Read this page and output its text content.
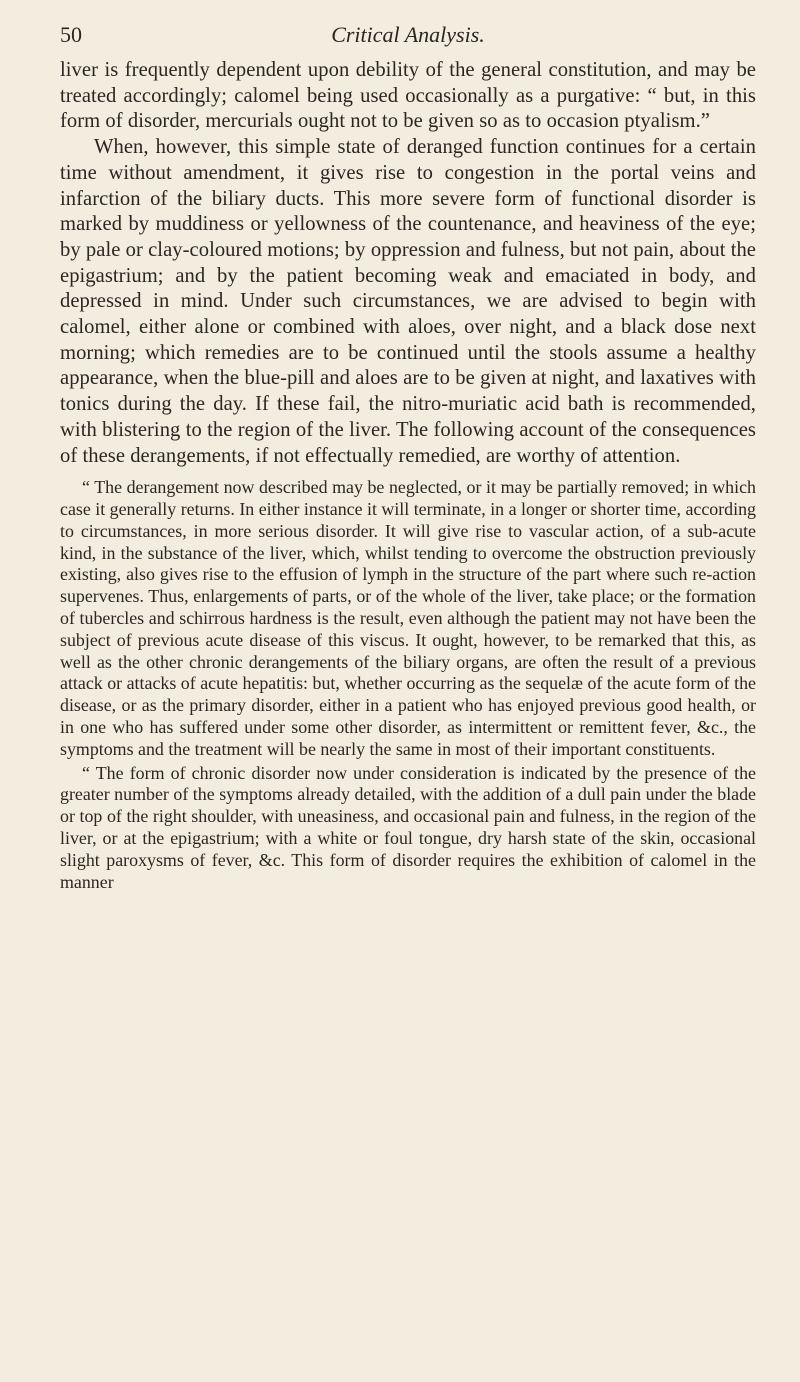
50	Critical Analysis.

liver is frequently dependent upon debility of the general constitution, and may be treated accordingly; calomel being used occasionally as a purgative: “ but, in this form of disorder, mercurials ought not to be given so as to occasion ptyalism.”

When, however, this simple state of deranged function continues for a certain time without amendment, it gives rise to congestion in the portal veins and infarction of the biliary ducts. This more severe form of functional disorder is marked by muddiness or yellowness of the countenance, and heaviness of the eye; by pale or clay-coloured motions; by oppression and fulness, but not pain, about the epigastrium; and by the patient becoming weak and emaciated in body, and depressed in mind. Under such circumstances, we are advised to begin with calomel, either alone or combined with aloes, over night, and a black dose next morning; which remedies are to be continued until the stools assume a healthy appearance, when the blue-pill and aloes are to be given at night, and laxatives with tonics during the day. If these fail, the nitro-muriatic acid bath is recommended, with blistering to the region of the liver. The following account of the consequences of these derangements, if not effectually remedied, are worthy of attention.

“ The derangement now described may be neglected, or it may be partially removed; in which case it generally returns. In either instance it will terminate, in a longer or shorter time, according to circumstances, in more serious disorder. It will give rise to vascular action, of a sub-acute kind, in the substance of the liver, which, whilst tending to overcome the obstruction previously existing, also gives rise to the effusion of lymph in the structure of the part where such re-action supervenes. Thus, enlargements of parts, or of the whole of the liver, take place; or the formation of tubercles and schirrous hardness is the result, even although the patient may not have been the subject of previous acute disease of this viscus. It ought, however, to be remarked that this, as well as the other chronic derangements of the biliary organs, are often the result of a previous attack or attacks of acute hepatitis: but, whether occurring as the sequelæ of the acute form of the disease, or as the primary disorder, either in a patient who has enjoyed previous good health, or in one who has suffered under some other disorder, as intermittent or remittent fever, &c., the symptoms and the treatment will be nearly the same in most of their important constituents.

“ The form of chronic disorder now under consideration is indicated by the presence of the greater number of the symptoms already detailed, with the addition of a dull pain under the blade or top of the right shoulder, with uneasiness, and occasional pain and fulness, in the region of the liver, or at the epigastrium; with a white or foul tongue, dry harsh state of the skin, occasional slight paroxysms of fever, &c. This form of disorder requires the exhibition of calomel in the manner
